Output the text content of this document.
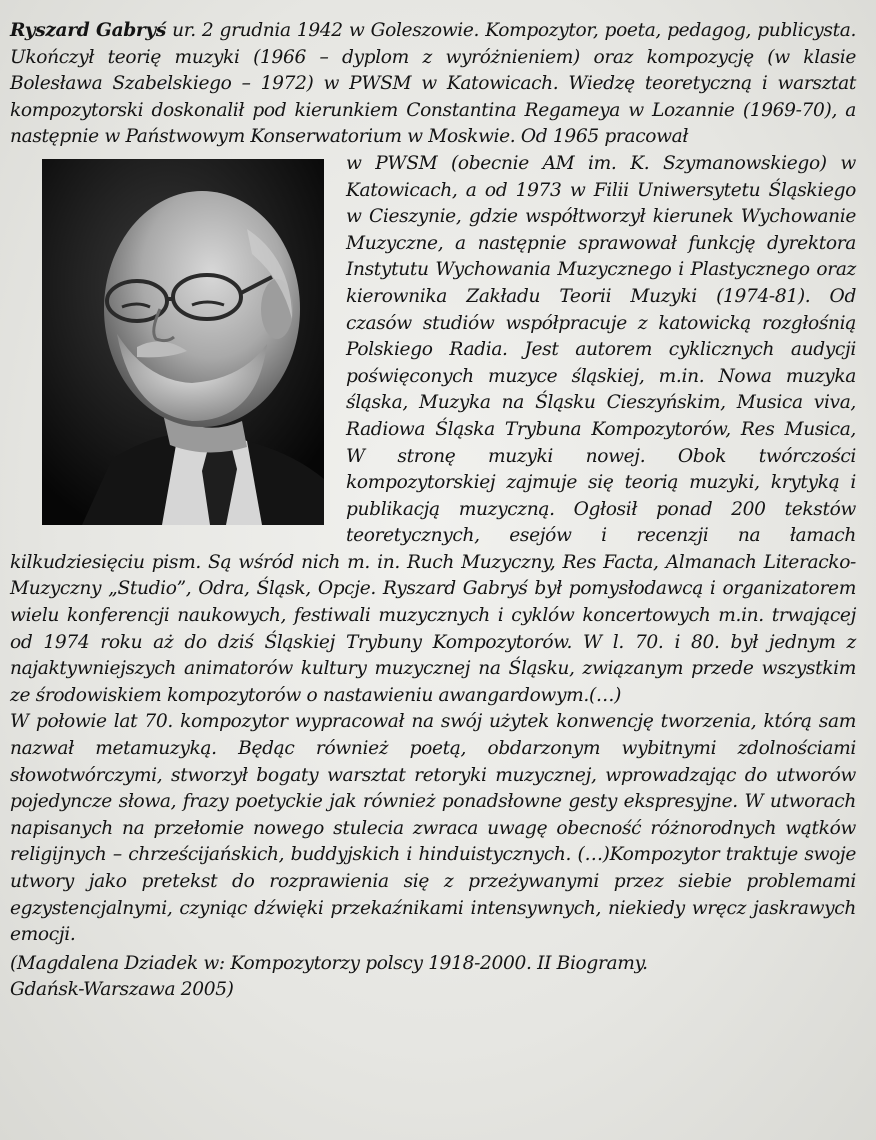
Ryszard Gabryś ur. 2 grudnia 1942 w Goleszowie. Kompozytor, poeta, pedagog, publicysta. Ukończył teorię muzyki (1966 – dyplom z wyróżnieniem) oraz kompozycję (w klasie Bolesława Szabelskiego – 1972) w PWSM w Katowicach. Wiedzę teoretyczną i warsztat kompozytorski doskonalił pod kierunkiem Constantina Regameya w Lozannie (1969-70), a następnie w Państwowym Konserwatorium w Moskwie. Od 1965 pracował

w PWSM (obecnie AM im. K. Szymanowskiego) w Katowicach, a od 1973 w Filii Uniwersytetu Śląskiego w Cieszynie, gdzie współtworzył kierunek Wychowanie Muzyczne, a następnie sprawował funkcję dyrektora Instytutu Wychowania Muzycznego i Plastycznego oraz kierownika Zakładu Teorii Muzyki (1974-81). Od czasów studiów współpracuje z katowicką rozgłośnią Polskiego Radia. Jest autorem cyklicznych audycji poświęconych muzyce śląskiej, m.in. Nowa muzyka śląska, Muzyka na Śląsku Cieszyńskim, Musica viva, Radiowa Śląska Trybuna Kompozytorów, Res Musica, W stronę muzyki nowej. Obok twórczości kompozytorskiej zajmuje się teorią muzyki, krytyką i publikacją muzyczną. Ogłosił ponad 200 tekstów teoretycznych, esejów i recenzji na łamach kilkudziesięciu pism. Są wśród nich m. in. Ruch Muzyczny, Res Facta, Almanach Literacko-Muzyczny „Studio”, Odra, Śląsk, Opcje. Ryszard Gabryś był pomysłodawcą i organizatorem wielu konferencji naukowych, festiwali muzycznych i cyklów koncertowych m.in. trwającej od 1974 roku aż do dziś Śląskiej Trybuny Kompozytorów. W l. 70. i 80. był jednym z najaktywniejszych animatorów kultury muzycznej na Śląsku, związanym przede wszystkim ze środowiskiem kompozytorów o nastawieniu awangardowym.(…)

W połowie lat 70. kompozytor wypracował na swój użytek konwencję tworzenia, którą sam nazwał metamuzyką. Będąc również poetą, obdarzonym wybitnymi zdolnościami słowotwórczymi, stworzył bogaty warsztat retoryki muzycznej, wprowadzając do utworów pojedyncze słowa, frazy poetyckie jak również ponadsłowne gesty ekspresyjne. W utworach napisanych na przełomie nowego stulecia zwraca uwagę obecność różnorodnych wątków religijnych – chrześcijańskich, buddyjskich i hinduistycznych. (…)Kompozytor traktuje swoje utwory jako pretekst do rozprawienia się z przeżywanymi przez siebie problemami egzystencjalnymi, czyniąc dźwięki przekaźnikami intensywnych, niekiedy wręcz jaskrawych emocji.

(Magdalena Dziadek w: Kompozytorzy polscy 1918-2000. II Biogramy.
Gdańsk-Warszawa 2005)
